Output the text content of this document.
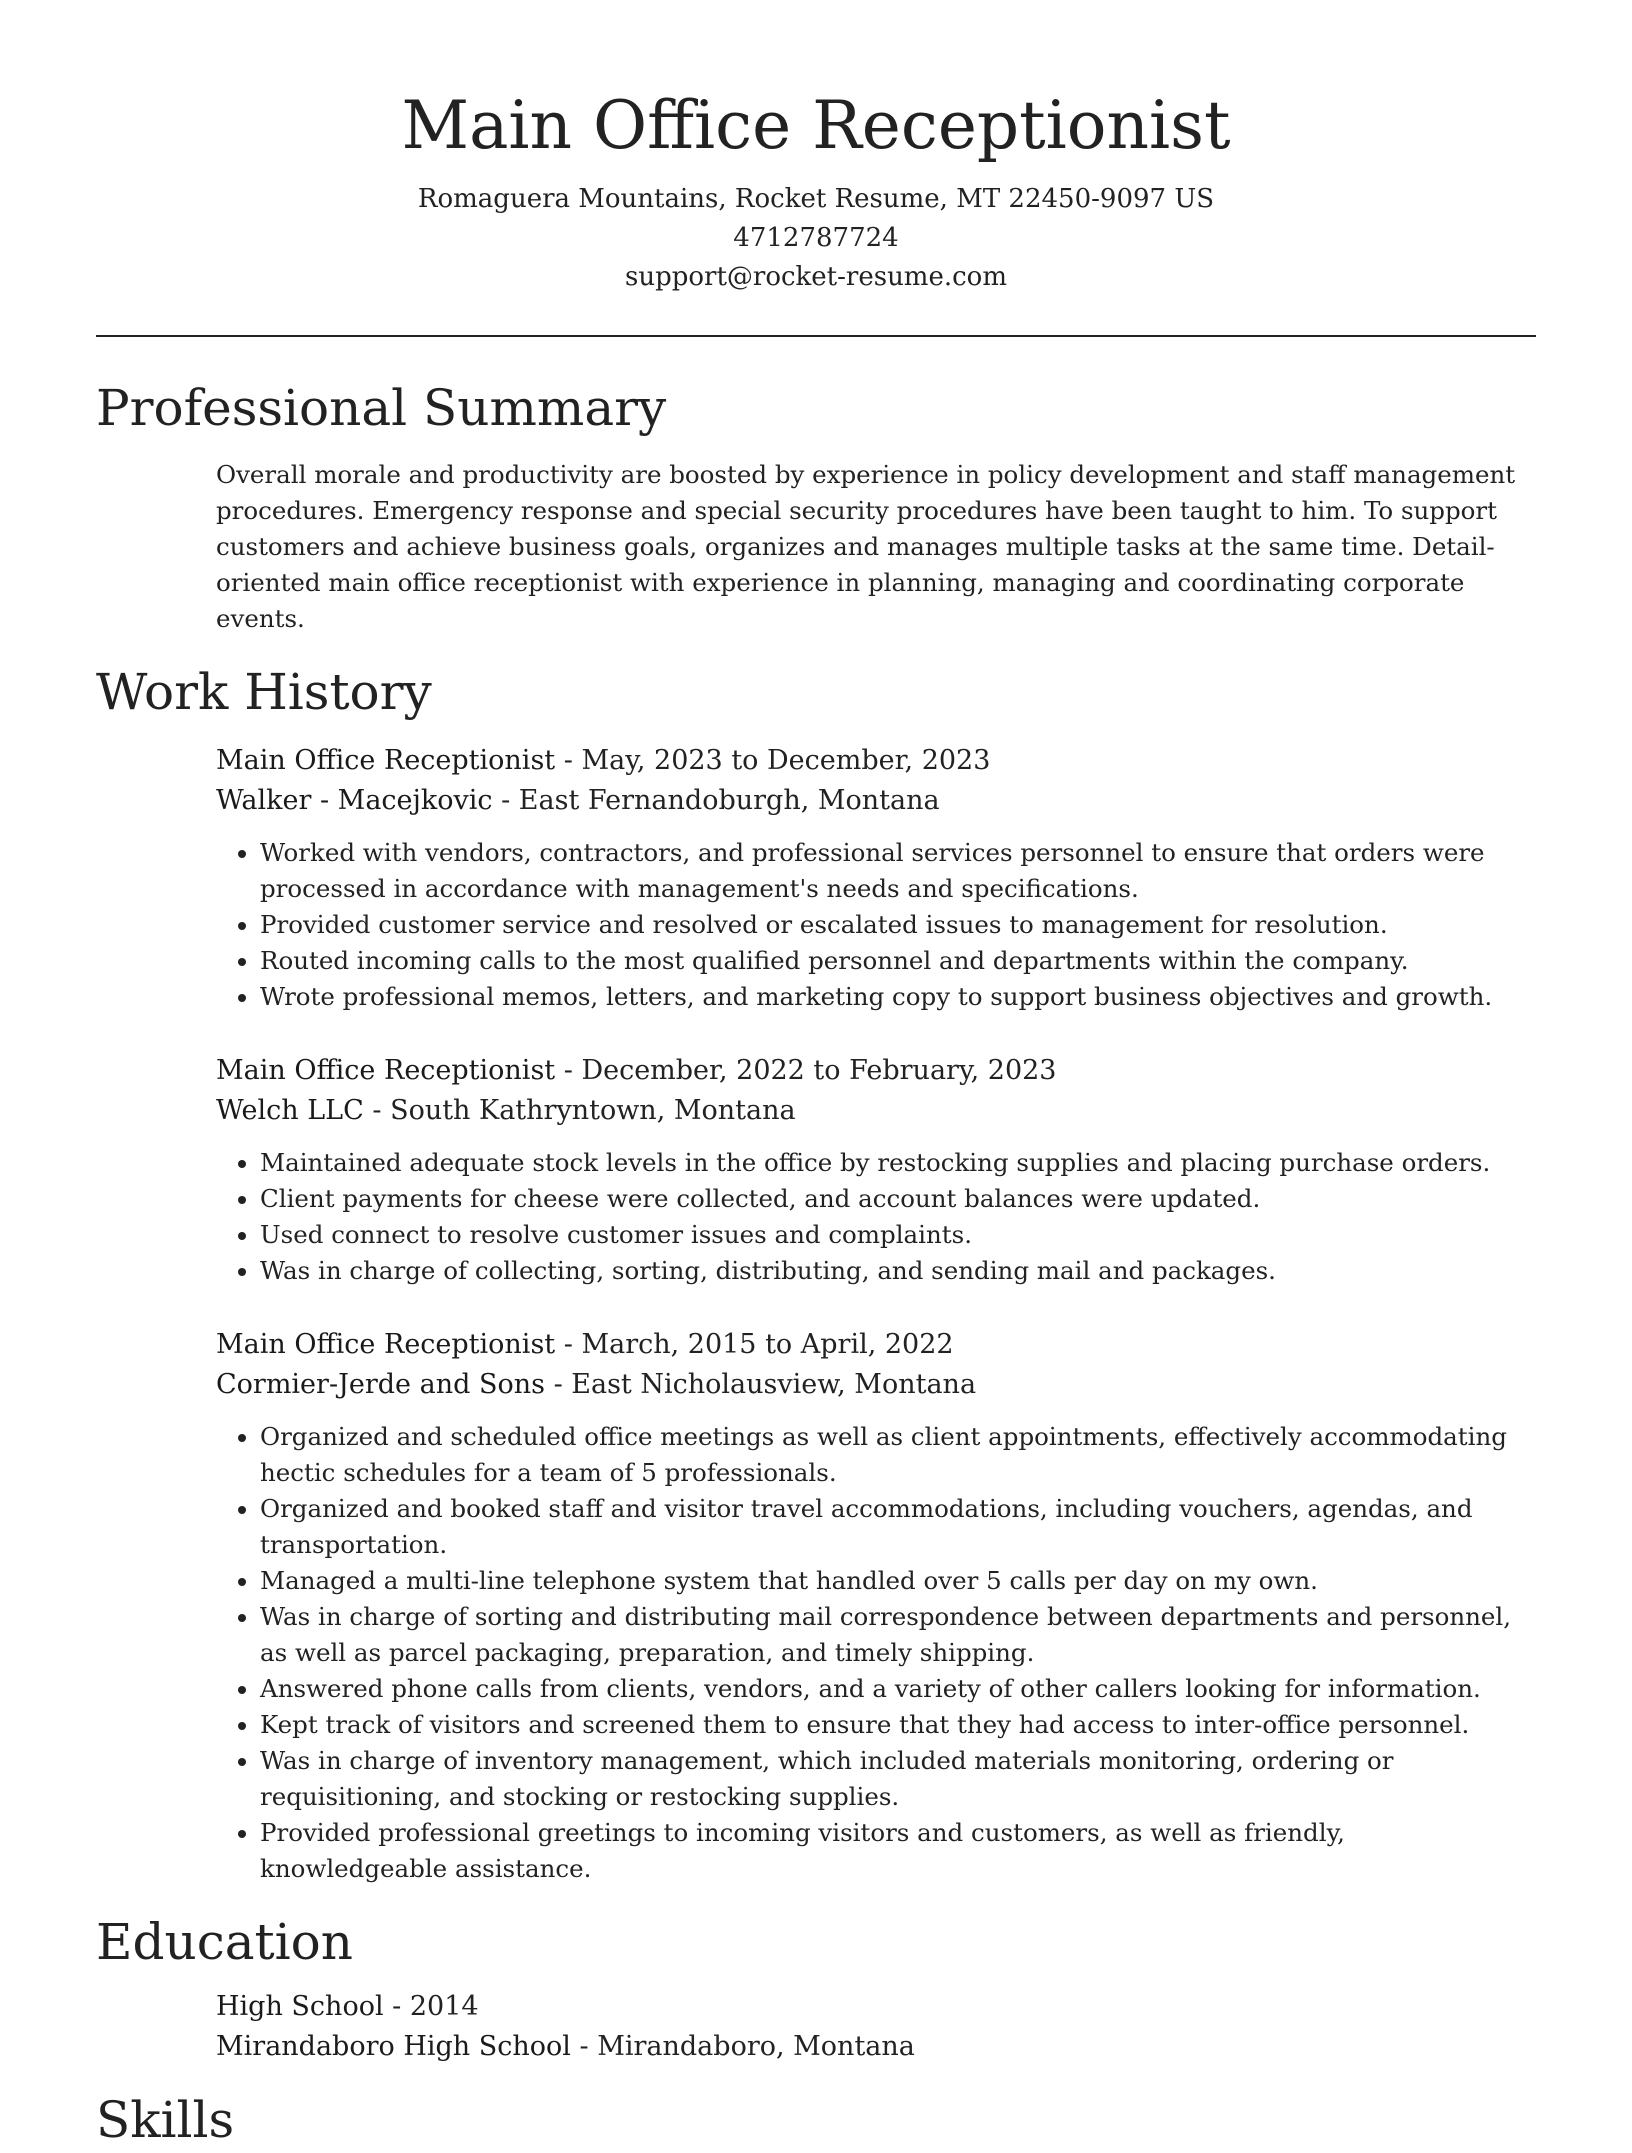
Main Office Receptionist
Romaguera Mountains, Rocket Resume, MT 22450-9097 US
4712787724
support@rocket-resume.com
Professional Summary
Overall morale and productivity are boosted by experience in policy development and staff management procedures. Emergency response and special security procedures have been taught to him. To support customers and achieve business goals, organizes and manages multiple tasks at the same time. Detail-oriented main office receptionist with experience in planning, managing and coordinating corporate events.
Work History
Main Office Receptionist - May, 2023 to December, 2023
Walker - Macejkovic - East Fernandoburgh, Montana
• Worked with vendors, contractors, and professional services personnel to ensure that orders were processed in accordance with management's needs and specifications.
• Provided customer service and resolved or escalated issues to management for resolution.
• Routed incoming calls to the most qualified personnel and departments within the company.
• Wrote professional memos, letters, and marketing copy to support business objectives and growth.
Main Office Receptionist - December, 2022 to February, 2023
Welch LLC - South Kathryntown, Montana
• Maintained adequate stock levels in the office by restocking supplies and placing purchase orders.
• Client payments for cheese were collected, and account balances were updated.
• Used connect to resolve customer issues and complaints.
• Was in charge of collecting, sorting, distributing, and sending mail and packages.
Main Office Receptionist - March, 2015 to April, 2022
Cormier-Jerde and Sons - East Nicholausview, Montana
• Organized and scheduled office meetings as well as client appointments, effectively accommodating hectic schedules for a team of 5 professionals.
• Organized and booked staff and visitor travel accommodations, including vouchers, agendas, and transportation.
• Managed a multi-line telephone system that handled over 5 calls per day on my own.
• Was in charge of sorting and distributing mail correspondence between departments and personnel, as well as parcel packaging, preparation, and timely shipping.
• Answered phone calls from clients, vendors, and a variety of other callers looking for information.
• Kept track of visitors and screened them to ensure that they had access to inter-office personnel.
• Was in charge of inventory management, which included materials monitoring, ordering or requisitioning, and stocking or restocking supplies.
• Provided professional greetings to incoming visitors and customers, as well as friendly, knowledgeable assistance.
Education
High School - 2014
Mirandaboro High School - Mirandaboro, Montana
Skills
